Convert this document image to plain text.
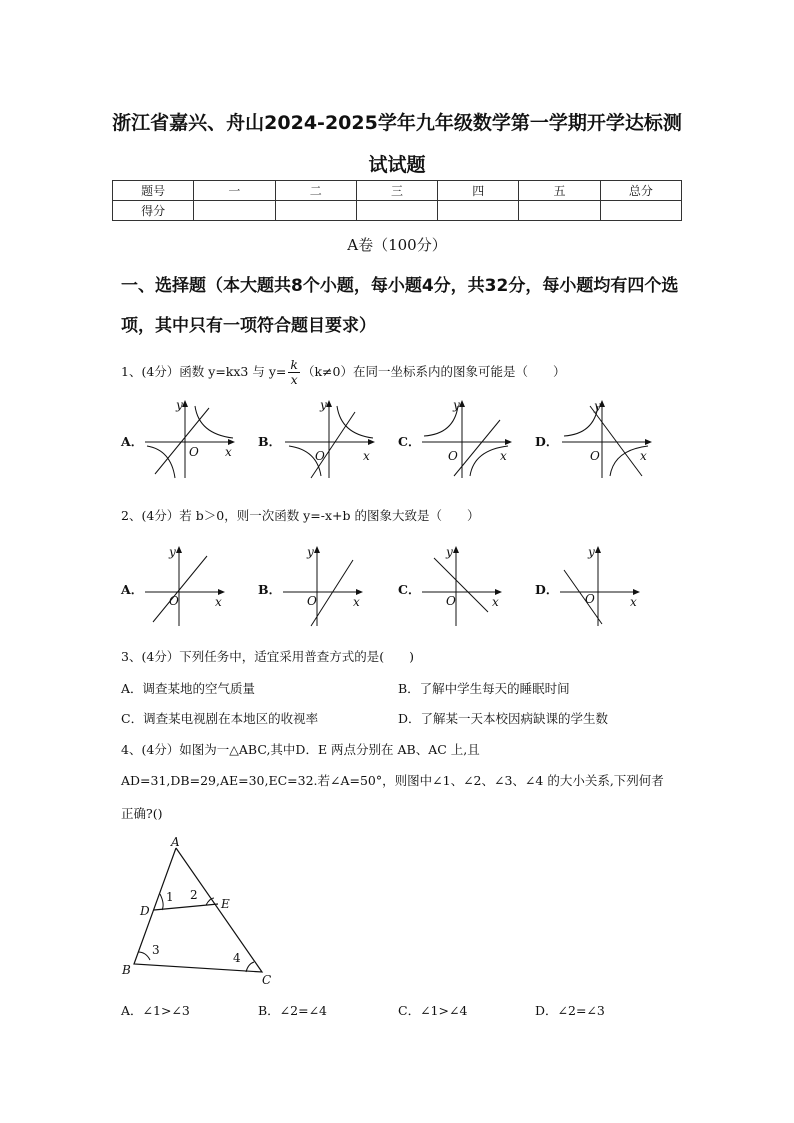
浙江省嘉兴、舟山2024-2025学年九年级数学第一学期开学达标测
试试题
题号	一	二	三	四	五	总分
得分						
A卷（100分）
一、选择题（本大题共8个小题，每小题4分，共32分，每小题均有四个选项，其中只有一项符合题目要求）
1、(4分）函数 y=kx3 与 $y= \frac{k}{x} (k\ne 0)$在同一坐标系内的图象可能是（　　）
A．	B．	C．	D．
y
x
O
y
x
O
y
x
O
y
x
O
2、(4分）若 b＞0，则一次函数 y=-x+b 的图象大致是（　　）
A．	B．	C．	D．
y
x
O
y
x
O
y
x
O
y
x
O
3、(4分）下列任务中，适宜采用普查方式的是(　　)
A．调查某地的空气质量	B．了解中学生每天的睡眠时间
C．调查某电视剧在本地区的收视率	D．了解某一天本校因病缺课的学生数
4、(4分）如图为一△ABC,其中D．E 两点分别在 AB、AC 上,且
AD=31,DB=29,AE=30,EC=32.若∠A=50°，则图中∠1、∠2、∠3、∠4 的大小关系,下列何者
正确?()
A
B
C
D	E
1 2
3
4
A．∠1>∠3	B．∠2=∠4	C．∠1>∠4	D．∠2=∠3
